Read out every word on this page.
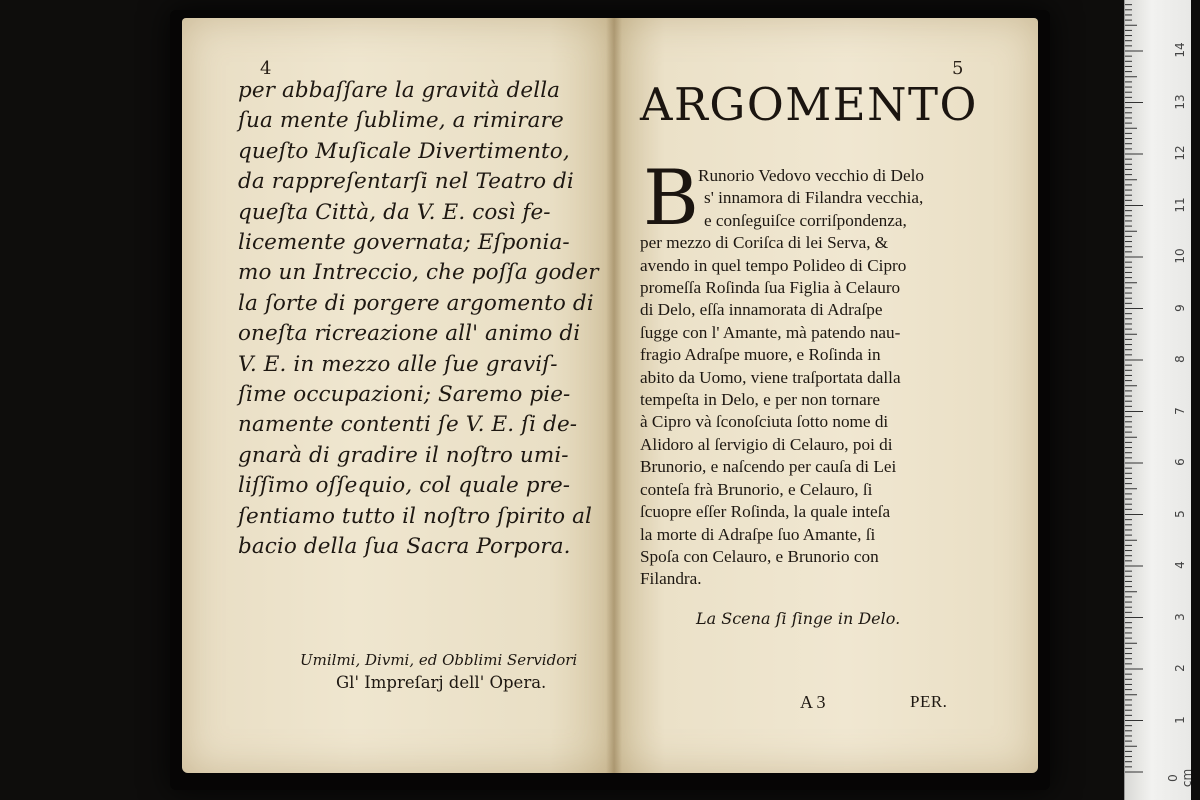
4
per abbaſſare la gravità della
ſua mente ſublime, a rimirare
queſto Muſicale Divertimento,
da rappreſentarſi nel Teatro di
queſta Città, da V. E. così fe-
licemente governata; Eſponia-
mo un Intreccio, che poſſa goder
la ſorte di porgere argomento di
oneſta ricreazione all' animo di
V. E. in mezzo alle ſue graviſ-
ſime occupazioni; Saremo pie-
namente contenti ſe V. E. ſi de-
gnarà di gradire il noſtro umi-
liſſimo oſſequio, col quale pre-
ſentiamo tutto il noſtro ſpirito al
bacio della ſua Sacra Porpora.
Umilmi, Divmi, ed Obblimi Servidori
Gl' Impreſarj dell' Opera.
5
ARGOMENTO
B Runorio Vedovo vecchio di Delo
s' innamora di Filandra vecchia,
e conſeguiſce corriſpondenza,
per mezzo di Coriſca di lei Serva, &
avendo in quel tempo Polideo di Cipro
promeſſa Roſinda ſua Figlia à Celauro
di Delo, eſſa innamorata di Adraſpe
ſugge con l' Amante, mà patendo nau-
fragio Adraſpe muore, e Roſinda in
abito da Uomo, viene traſportata dalla
tempeſta in Delo, e per non tornare
à Cipro và ſconoſciuta ſotto nome di
Alidoro al ſervigio di Celauro, poi di
Brunorio, e naſcendo per cauſa di Lei
conteſa frà Brunorio, e Celauro, ſi
ſcuopre eſſer Roſinda, la quale inteſa
la morte di Adraſpe ſuo Amante, ſi
Spoſa con Celauro, e Brunorio con
Filandra.
La Scena ſi ſinge in Delo.
A 3	PER.
0 cm
1
2
3
4
5
6
7
8
9
10
11
12
13
14
